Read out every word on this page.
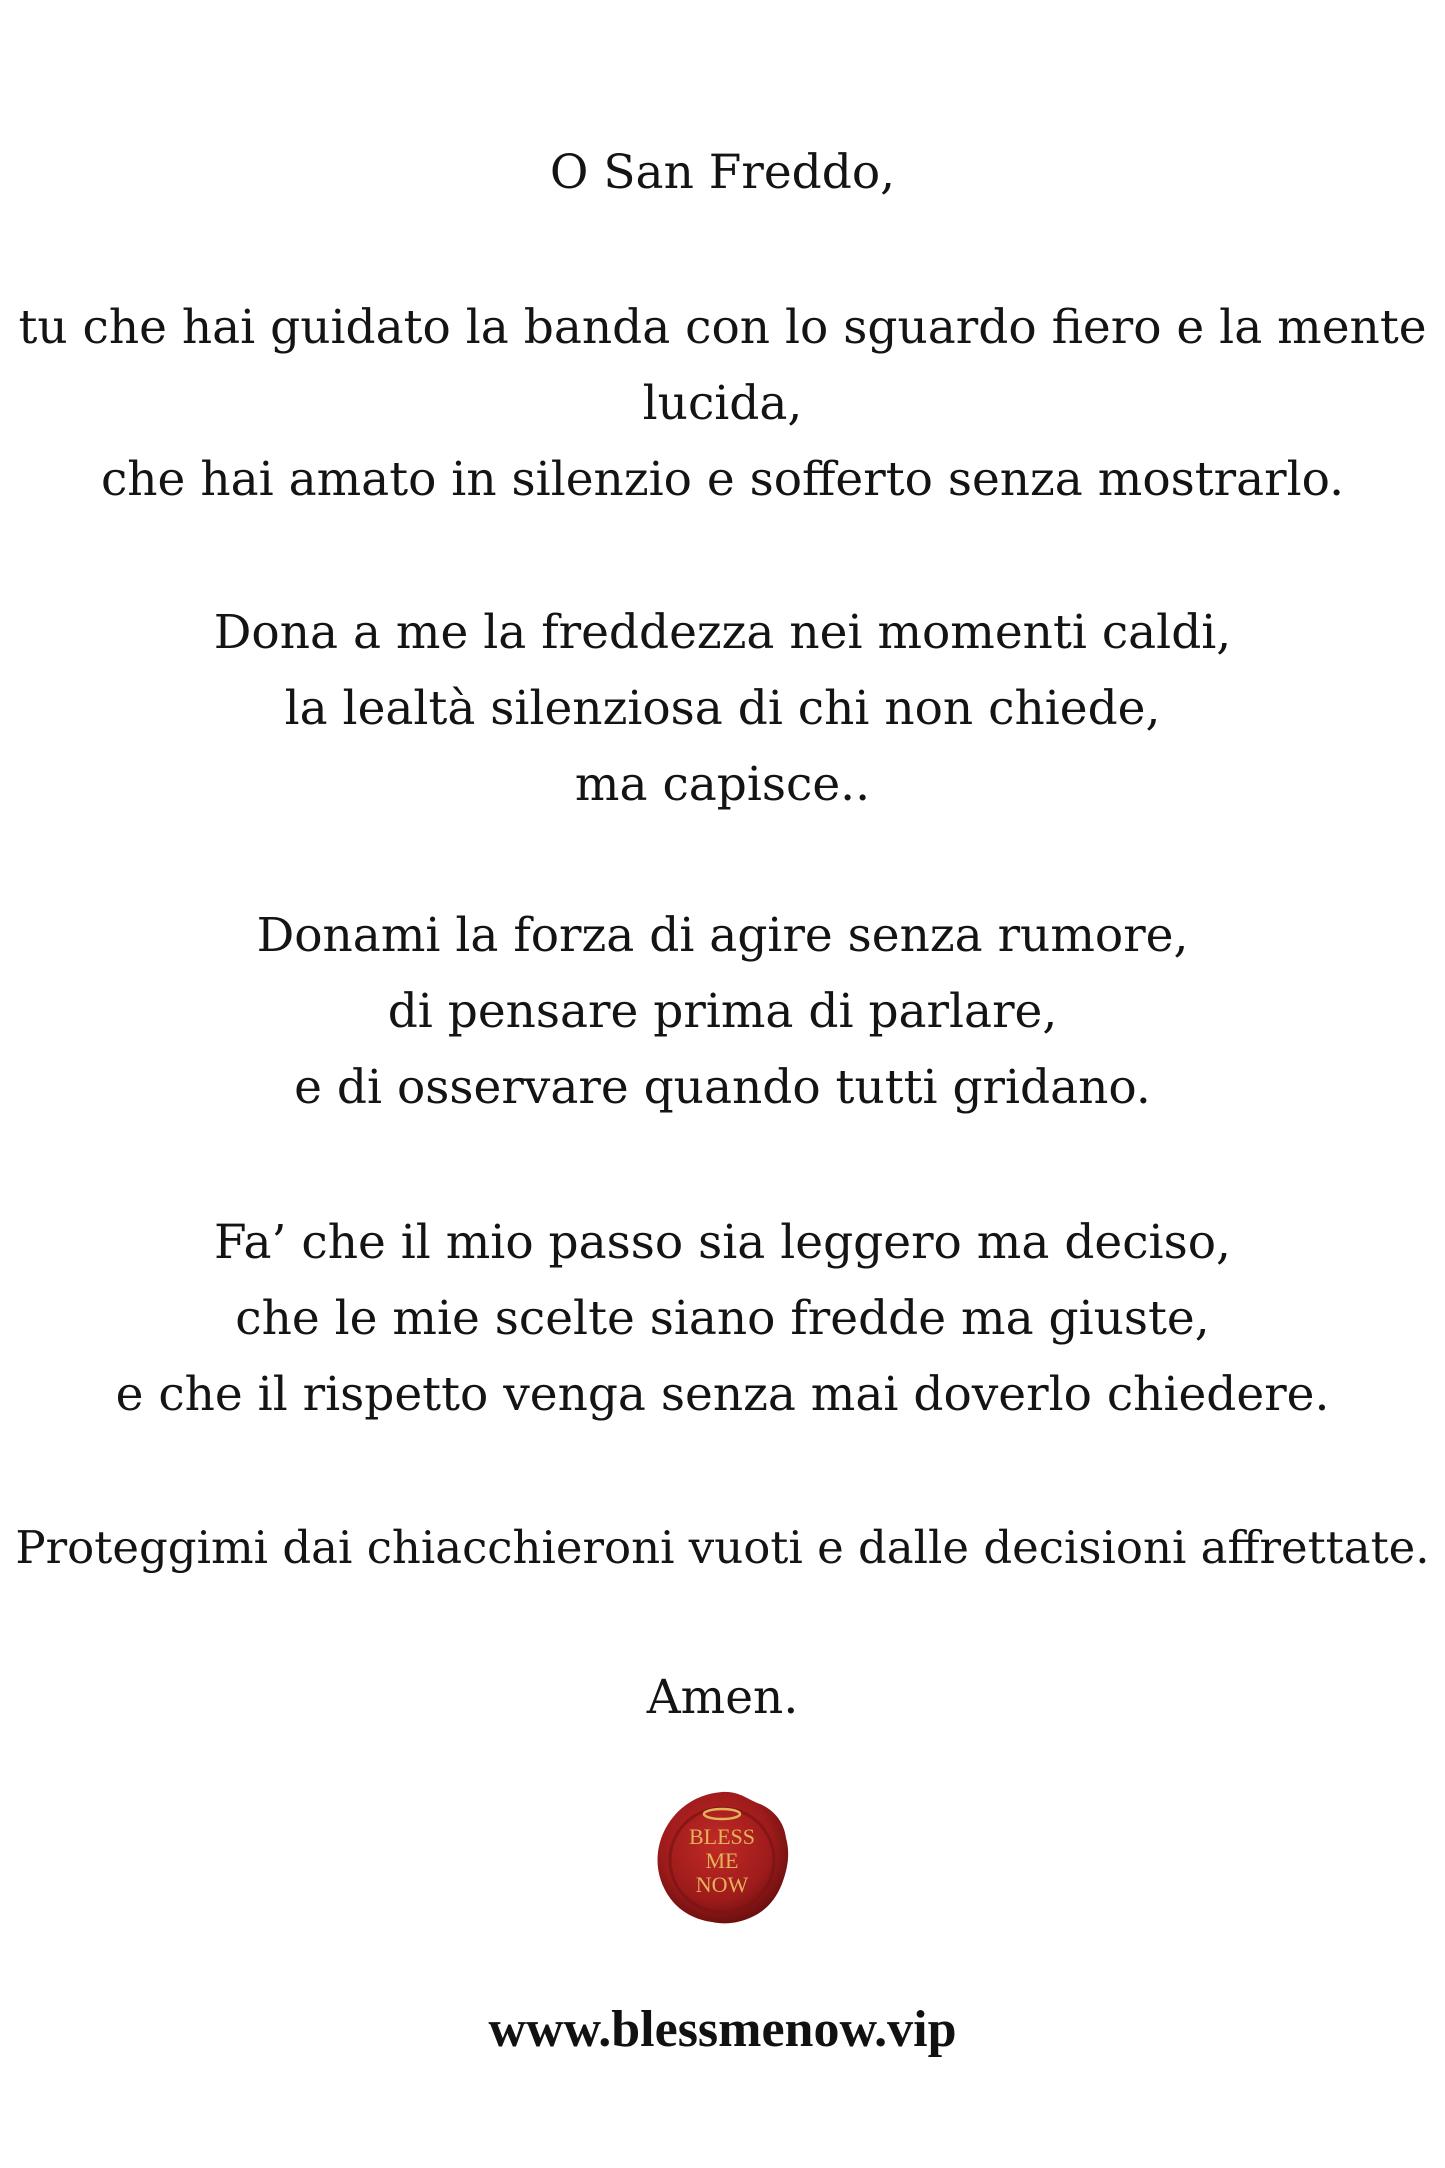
O San Freddo,
tu che hai guidato la banda con lo sguardo fiero e la mente
lucida,
che hai amato in silenzio e sofferto senza mostrarlo.
Dona a me la freddezza nei momenti caldi,
la lealtà silenziosa di chi non chiede,
ma capisce..
Donami la forza di agire senza rumore,
di pensare prima di parlare,
e di osservare quando tutti gridano.
Fa’ che il mio passo sia leggero ma deciso,
che le mie scelte siano fredde ma giuste,
e che il rispetto venga senza mai doverlo chiedere.
Proteggimi dai chiacchieroni vuoti e dalle decisioni affrettate.
Amen.
BLESS
ME
NOW
www.blessmenow.vip
